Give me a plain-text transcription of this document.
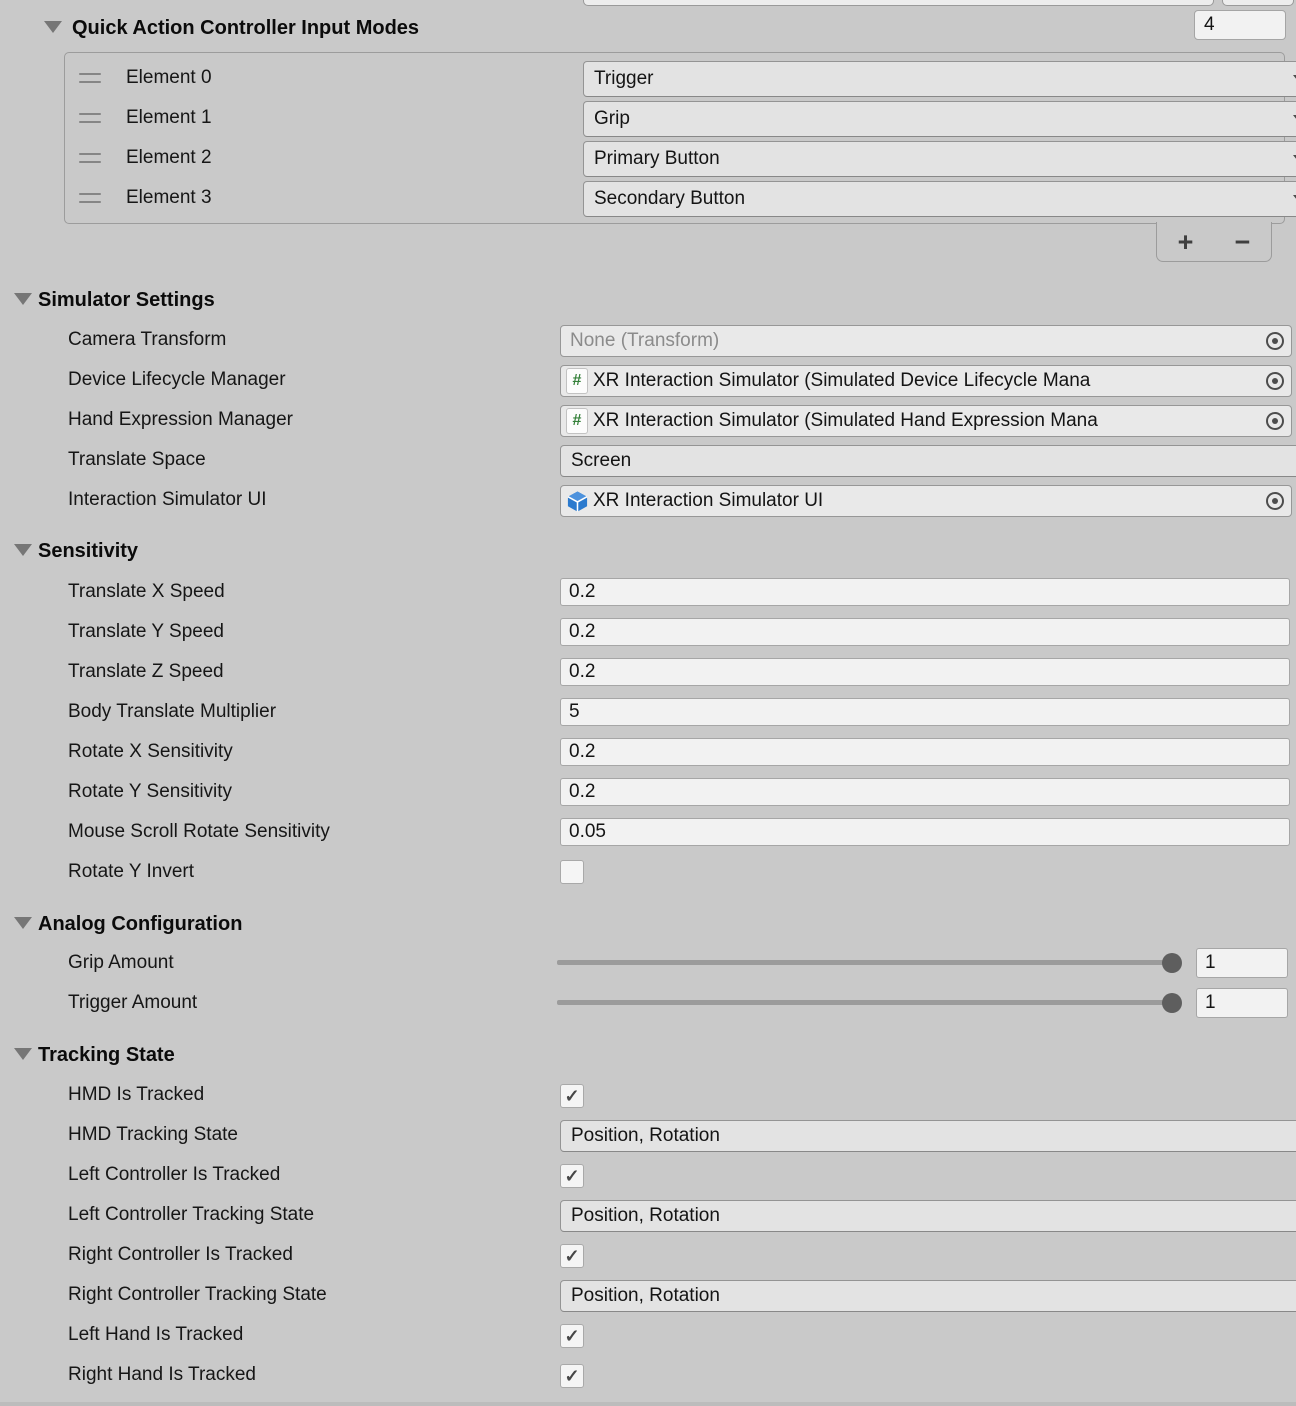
Quick Action Controller Input Modes	4
Element 0	Trigger
Element 1	Grip
Element 2	Primary Button
Element 3	Secondary Button
+	−
Simulator Settings
Camera Transform	None (Transform)
Device Lifecycle Manager	# XR Interaction Simulator (Simulated Device Lifecycle Mana
Hand Expression Manager	# XR Interaction Simulator (Simulated Hand Expression Mana
Translate Space	Screen
Interaction Simulator UI	XR Interaction Simulator UI
Sensitivity
Translate X Speed	0.2
Translate Y Speed	0.2
Translate Z Speed	0.2
Body Translate Multiplier	5
Rotate X Sensitivity	0.2
Rotate Y Sensitivity	0.2
Mouse Scroll Rotate Sensitivity	0.05
Rotate Y Invert
Analog Configuration
Grip Amount	1
Trigger Amount	1
Tracking State
HMD Is Tracked	✓
HMD Tracking State	Position, Rotation
Left Controller Is Tracked	✓
Left Controller Tracking State	Position, Rotation
Right Controller Is Tracked	✓
Right Controller Tracking State	Position, Rotation
Left Hand Is Tracked	✓
Right Hand Is Tracked	✓
